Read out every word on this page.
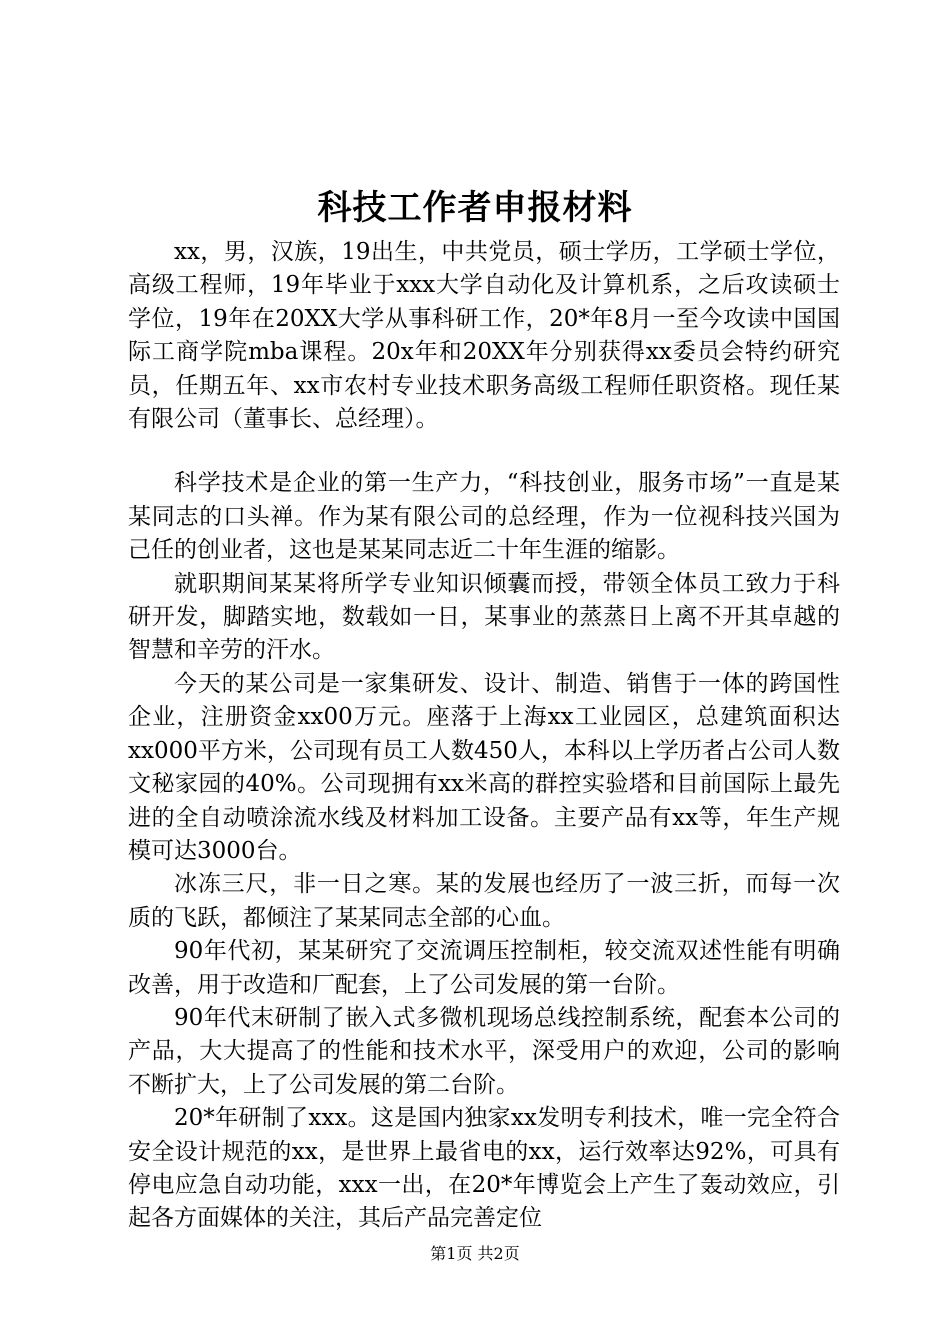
科技工作者申报材料

xx，男，汉族，19出生，中共党员，硕士学历，工学硕士学位，高级工程师，19年毕业于xxx大学自动化及计算机系，之后攻读硕士学位，19年在20XX大学从事科研工作，20*年8月一至今攻读中国国际工商学院mba课程。20x年和20XX年分别获得xx委员会特约研究员，任期五年、xx市农村专业技术职务高级工程师任职资格。现任某有限公司（董事长、总经理）。

科学技术是企业的第一生产力，“科技创业，服务市场”一直是某某同志的口头禅。作为某有限公司的总经理，作为一位视科技兴国为己任的创业者，这也是某某同志近二十年生涯的缩影。

就职期间某某将所学专业知识倾囊而授，带领全体员工致力于科研开发，脚踏实地，数载如一日，某事业的蒸蒸日上离不开其卓越的智慧和辛劳的汗水。

今天的某公司是一家集研发、设计、制造、销售于一体的跨国性企业，注册资金xx00万元。座落于上海xx工业园区，总建筑面积达xx000平方米，公司现有员工人数450人，本科以上学历者占公司人数文秘家园的40%。公司现拥有xx米高的群控实验塔和目前国际上最先进的全自动喷涂流水线及材料加工设备。主要产品有xx等，年生产规模可达3000台。

冰冻三尺，非一日之寒。某的发展也经历了一波三折，而每一次质的飞跃，都倾注了某某同志全部的心血。

90年代初，某某研究了交流调压控制柜，较交流双述性能有明确改善，用于改造和厂配套，上了公司发展的第一台阶。

90年代末研制了嵌入式多微机现场总线控制系统，配套本公司的产品，大大提高了的性能和技术水平，深受用户的欢迎，公司的影响不断扩大，上了公司发展的第二台阶。

20*年研制了xxx。这是国内独家xx发明专利技术，唯一完全符合安全设计规范的xx，是世界上最省电的xx，运行效率达92%，可具有停电应急自动功能，xxx一出，在20*年博览会上产生了轰动效应，引起各方面媒体的关注，其后产品完善定位

第1页 共2页
